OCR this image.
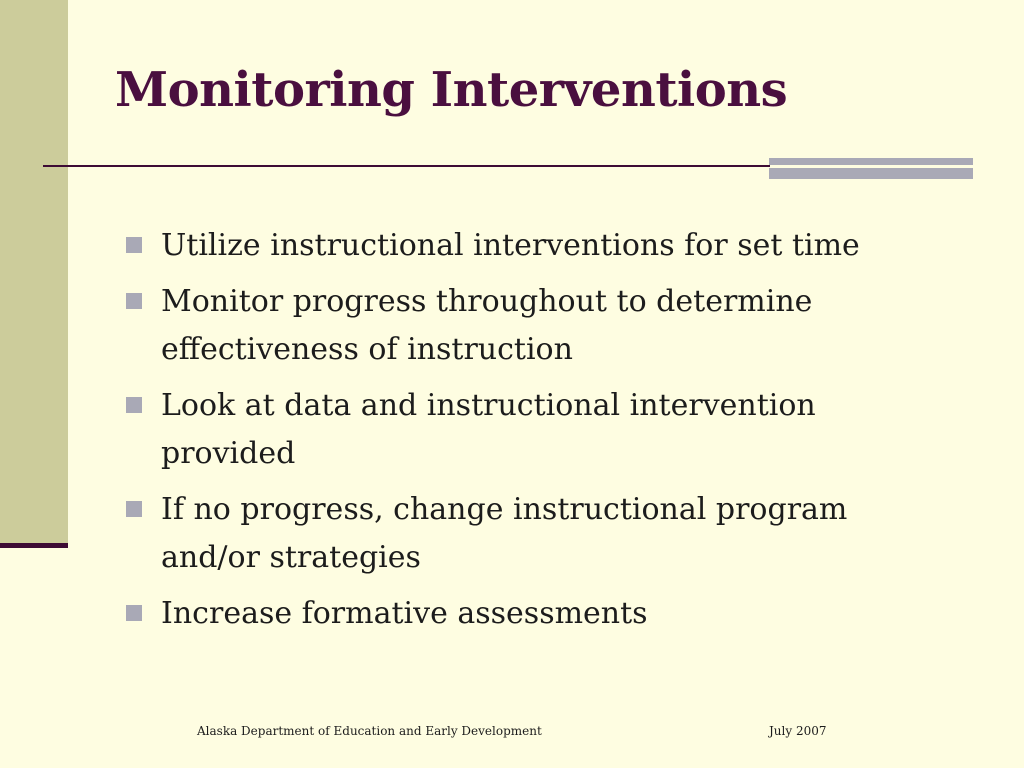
Monitoring Interventions
Utilize instructional interventions for set time
Monitor progress throughout to determine effectiveness of instruction
Look at data and instructional intervention provided
If no progress, change instructional program and/or strategies
Increase formative assessments
Alaska Department of Education and Early Development	July 2007
